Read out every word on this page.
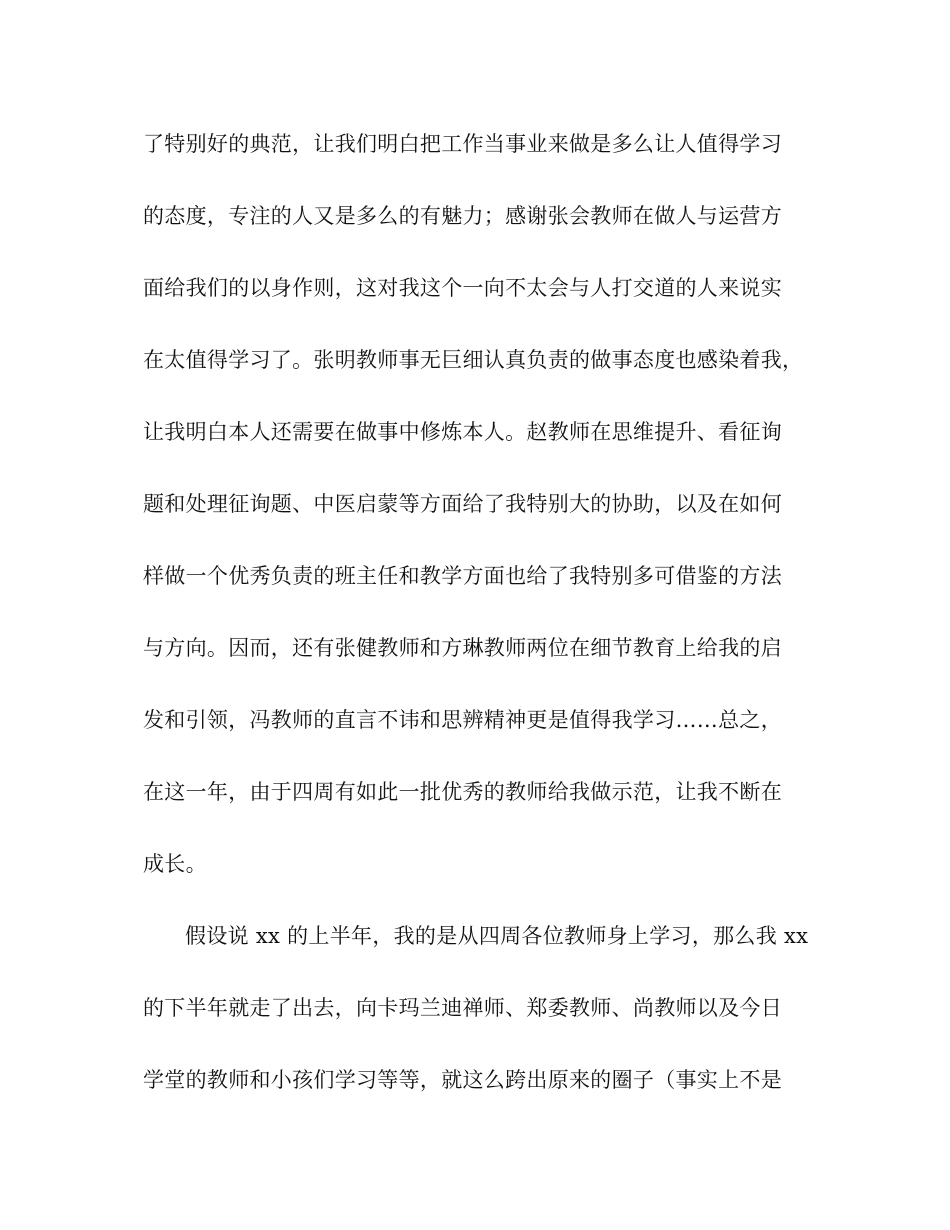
了特别好的典范，让我们明白把工作当事业来做是多么让人值得学习
的态度，专注的人又是多么的有魅力；感谢张会教师在做人与运营方
面给我们的以身作则，这对我这个一向不太会与人打交道的人来说实
在太值得学习了。张明教师事无巨细认真负责的做事态度也感染着我，
让我明白本人还需要在做事中修炼本人。赵教师在思维提升、看征询
题和处理征询题、中医启蒙等方面给了我特别大的协助，以及在如何
样做一个优秀负责的班主任和教学方面也给了我特别多可借鉴的方法
与方向。因而，还有张健教师和方琳教师两位在细节教育上给我的启
发和引领，冯教师的直言不讳和思辨精神更是值得我学习……总之，
在这一年，由于四周有如此一批优秀的教师给我做示范，让我不断在
成长。
假设说 xx 的上半年，我的是从四周各位教师身上学习，那么我 xx
的下半年就走了出去，向卡玛兰迪禅师、郑委教师、尚教师以及今日
学堂的教师和小孩们学习等等，就这么跨出原来的圈子（事实上不是
